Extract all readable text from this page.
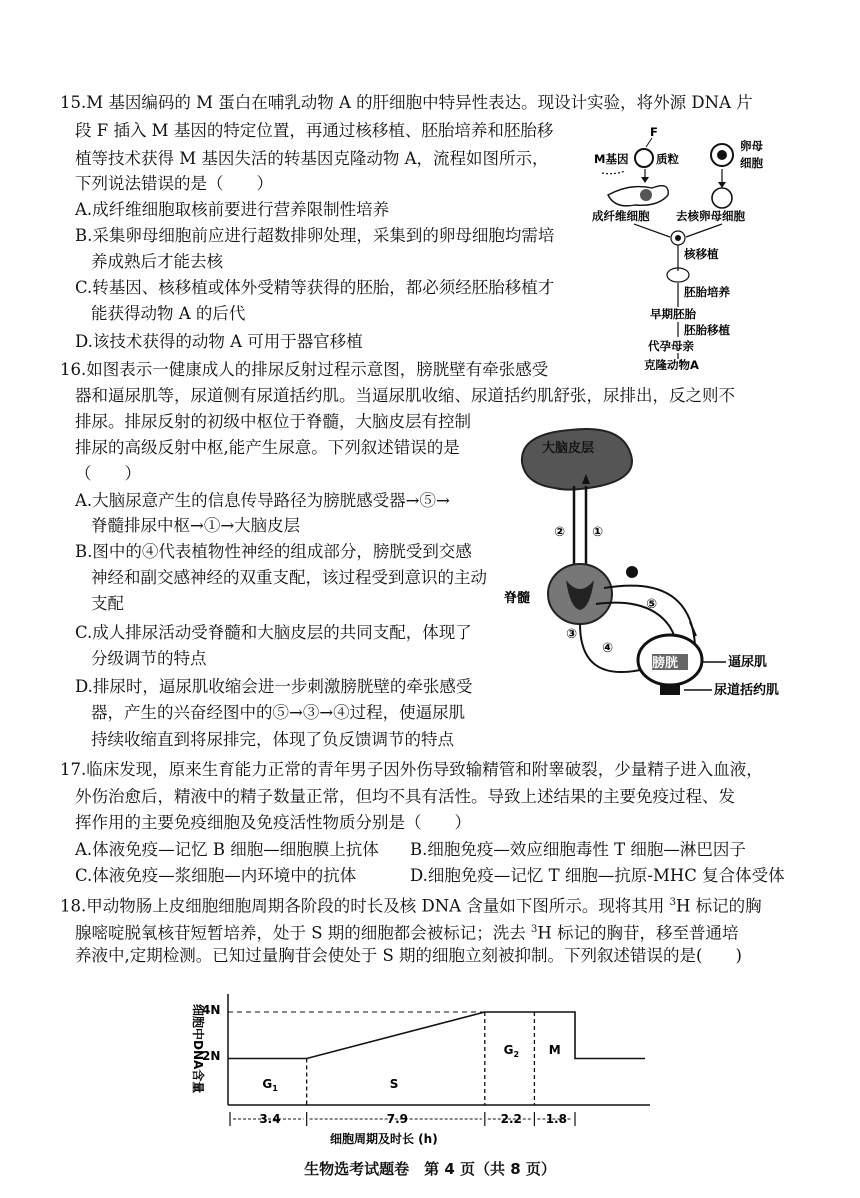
15.M 基因编码的 M 蛋白在哺乳动物 A 的肝细胞中特异性表达。现设计实验，将外源 DNA 片
段 F 插入 M 基因的特定位置，再通过核移植、胚胎培养和胚胎移
植等技术获得 M 基因失活的转基因克隆动物 A，流程如图所示，
下列说法错误的是（　　）
A.成纤维细胞取核前要进行营养限制性培养
B.采集卵母细胞前应进行超数排卵处理，采集到的卵母细胞均需培
养成熟后才能去核
C.转基因、核移植或体外受精等获得的胚胎，都必须经胚胎移植才
能获得动物 A 的后代
D.该技术获得的动物 A 可用于器官移植
F
M基因 质粒
成纤维细胞
卵母
细胞
去核卵母细胞
核移植
胚胎培养
早期胚胎
胚胎移植
代孕母亲
克隆动物A
16.如图表示一健康成人的排尿反射过程示意图，膀胱壁有牵张感受
器和逼尿肌等，尿道侧有尿道括约肌。当逼尿肌收缩、尿道括约肌舒张，尿排出，反之则不
排尿。排尿反射的初级中枢位于脊髓，大脑皮层有控制
排尿的高级反射中枢,能产生尿意。下列叙述错误的是
（　　）
A.大脑尿意产生的信息传导路径为膀胱感受器→⑤→
脊髓排尿中枢→①→大脑皮层
B.图中的④代表植物性神经的组成部分，膀胱受到交感
神经和副交感神经的双重支配，该过程受到意识的主动
支配
C.成人排尿活动受脊髓和大脑皮层的共同支配，体现了
分级调节的特点
D.排尿时，逼尿肌收缩会进一步刺激膀胱壁的牵张感受
器，产生的兴奋经图中的⑤→③→④过程，使逼尿肌
持续收缩直到将尿排完，体现了负反馈调节的特点
大脑皮层
② ①
脊髓	⑤
③
④
膀胱	逼尿肌
尿道括约肌
17.临床发现，原来生育能力正常的青年男子因外伤导致输精管和附睾破裂，少量精子进入血液，
外伤治愈后，精液中的精子数量正常，但均不具有活性。导致上述结果的主要免疫过程、发
挥作用的主要免疫细胞及免疫活性物质分别是（　　）
A.体液免疫—记忆 B 细胞—细胞膜上抗体 B.细胞免疫—效应细胞毒性 T 细胞—淋巴因子
C.体液免疫—浆细胞—内环境中的抗体	D.细胞免疫—记忆 T 细胞—抗原-MHC 复合体受体
18.甲动物肠上皮细胞细胞周期各阶段的时长及核 DNA 含量如下图所示。现将其用 $^3$H 标记的胸
腺嘧啶脱氧核苷短暂培养，处于 S 期的细胞都会被标记；洗去 $^3$H 标记的胸苷，移至普通培
养液中,定期检测。已知过量胸苷会使处于 S 期的细胞立刻被抑制。下列叙述错误的是(　　)
细胞中DNA含量
2N
4N
细胞周期及时长 (h)
$G_1$
3.4
S
7.9
$G_2$
2.2
M
1.8
生物选考试题卷　第 4 页（共 8 页）
